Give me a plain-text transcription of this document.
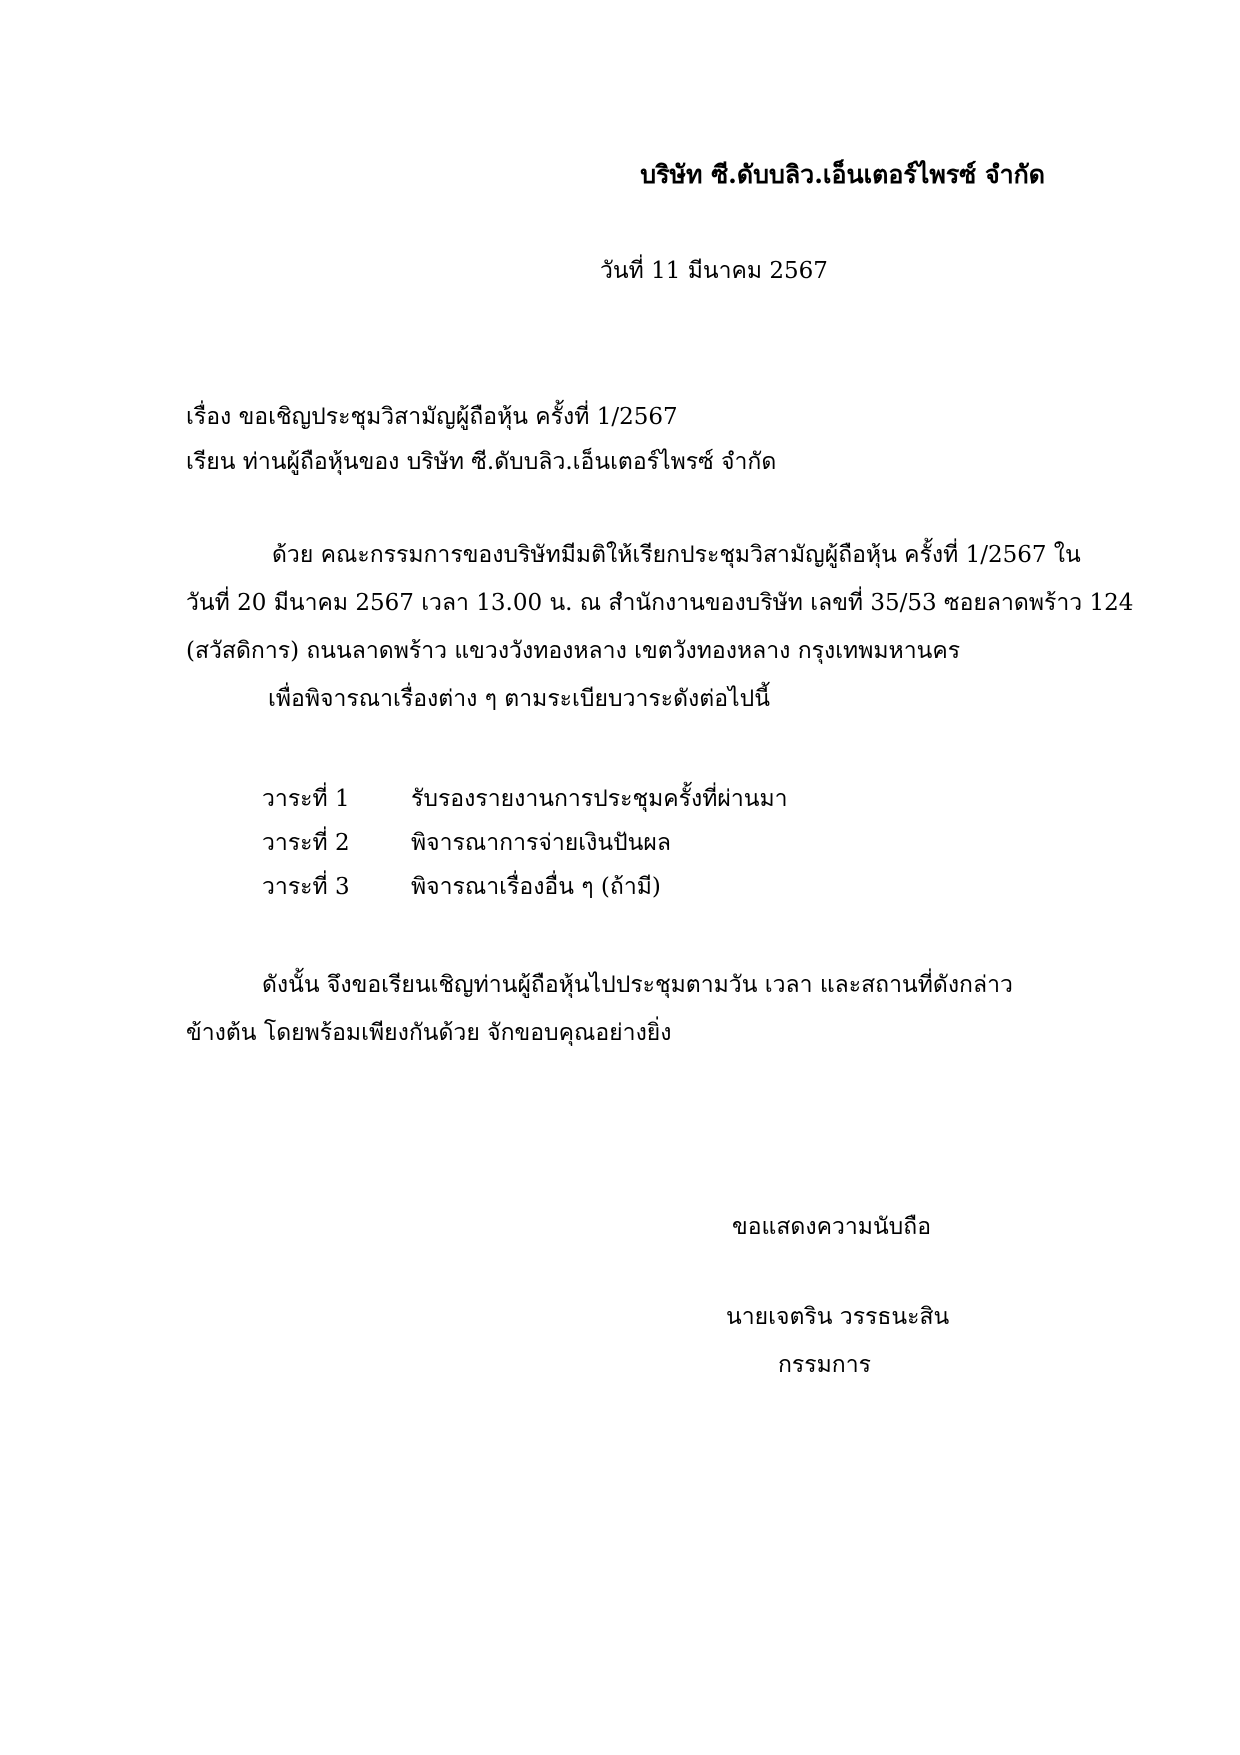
บริษัท ซี.ดับบลิว.เอ็นเตอร์ไพรซ์ จำกัด
วันที่ 11 มีนาคม 2567
เรื่อง ขอเชิญประชุมวิสามัญผู้ถือหุ้น ครั้งที่ 1/2567
เรียน ท่านผู้ถือหุ้นของ บริษัท ซี.ดับบลิว.เอ็นเตอร์ไพรซ์ จำกัด
ด้วย คณะกรรมการของบริษัทมีมติให้เรียกประชุมวิสามัญผู้ถือหุ้น ครั้งที่ 1/2567 ใน
วันที่ 20 มีนาคม 2567 เวลา 13.00 น. ณ สำนักงานของบริษัท เลขที่ 35/53 ซอยลาดพร้าว 124
(สวัสดิการ) ถนนลาดพร้าว แขวงวังทองหลาง เขตวังทองหลาง กรุงเทพมหานคร
เพื่อพิจารณาเรื่องต่าง ๆ ตามระเบียบวาระดังต่อไปนี้
วาระที่ 1	รับรองรายงานการประชุมครั้งที่ผ่านมา
วาระที่ 2	พิจารณาการจ่ายเงินปันผล
วาระที่ 3	พิจารณาเรื่องอื่น ๆ (ถ้ามี)
ดังนั้น จึงขอเรียนเชิญท่านผู้ถือหุ้นไปประชุมตามวัน เวลา และสถานที่ดังกล่าว
ข้างต้น โดยพร้อมเพียงกันด้วย จักขอบคุณอย่างยิ่ง
ขอแสดงความนับถือ
นายเจตริน วรรธนะสิน
กรรมการ
